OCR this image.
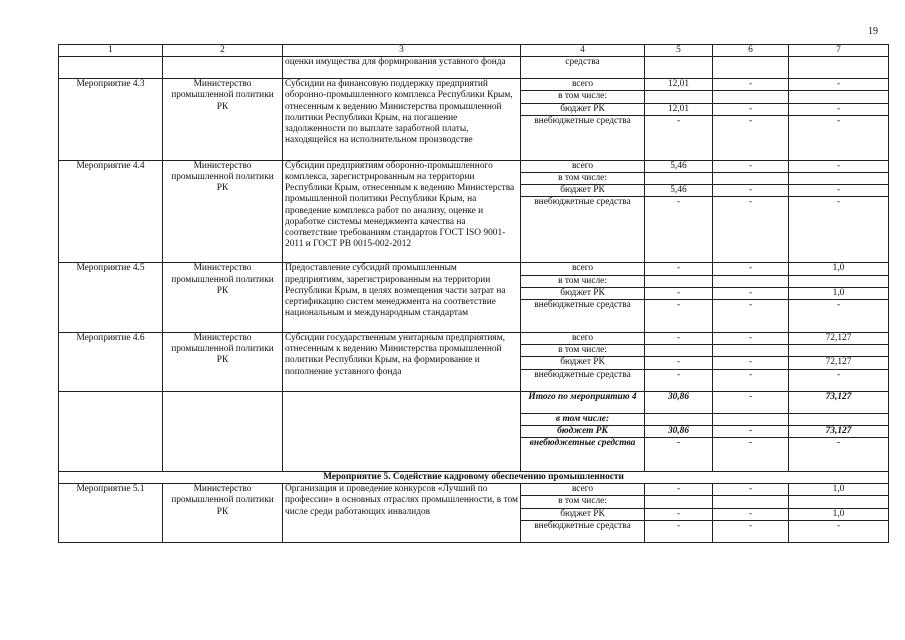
19
1	2	3	4	5	6	7
		оценки имущества для формирования уставного фонда	средства			
Мероприятие 4.3	Министерство промышленной политики РК	Субсидии на финансовую поддержку предприятий оборонно-промышленного комплекса Республики Крым, отнесенным к ведению Министерства промышленной политики Республики Крым, на погашение задолженности по выплате заработной платы, находящейся на исполнительном производстве	всего	12,01	-	-
			в том числе:			
			бюджет РК	12,01	-	-
			внебюджетные средства	-	-	-
Мероприятие 4.4	Министерство промышленной политики РК	Субсидии предприятиям оборонно-промышленного комплекса, зарегистрированным на территории Республики Крым, отнесенным к ведению Министерства промышленной политики Республики Крым, на проведение комплекса работ по анализу, оценке и доработке системы менеджмента качества на соответствие требованиям стандартов ГОСТ ISO 9001-2011 и ГОСТ РВ 0015-002-2012	всего	5,46	-	-
			в том числе:			
			бюджет РК	5,46	-	-
			внебюджетные средства	-	-	-
Мероприятие 4.5	Министерство промышленной политики РК	Предоставление субсидий промышленным предприятиям, зарегистрированным на территории Республики Крым, в целях возмещения части затрат на сертификацию систем менеджмента на соответствие национальным и международным стандартам	всего	-	-	1,0
			в том числе:			
			бюджет РК	-	-	1,0
			внебюджетные средства	-	-	-
Мероприятие 4.6	Министерство промышленной политики РК	Субсидии государственным унитарным предприятиям, отнесенным к ведению Министерства промышленной политики Республики Крым, на формирование и пополнение уставного фонда	всего	-	-	72,127
			в том числе:			
			бюджет РК	-	-	72,127
			внебюджетные средства	-	-	-
			Итого по мероприятию 4	30,86	-	73,127
			в том числе:			
			бюджет РК	30,86	-	73,127
			внебюджетные средства	-	-	-
Мероприятие 5. Содействие кадровому обеспечению промышленности						
Мероприятие 5.1	Министерство промышленной политики РК	Организация и проведение конкурсов «Лучший по профессии» в основных отраслях промышленности, в том числе среди работающих инвалидов	всего	-	-	1,0
			в том числе:			
			бюджет РК	-	-	1,0
			внебюджетные средства	-	-	-
